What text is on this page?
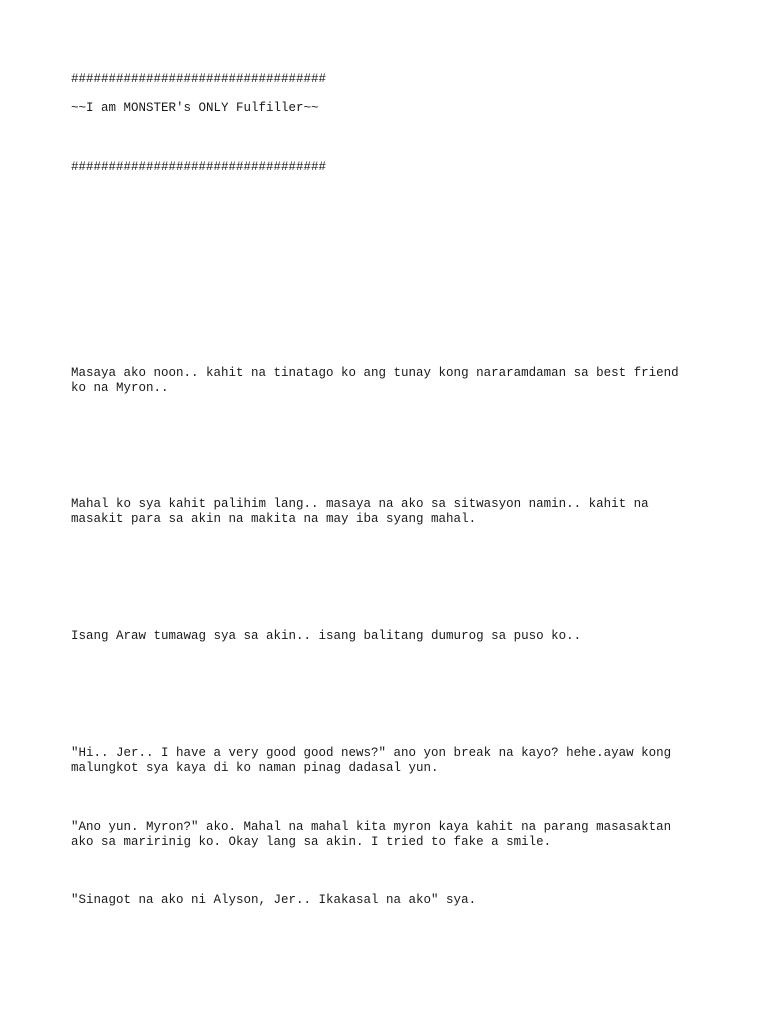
##################################

~~I am MONSTER's ONLY Fulfiller~~

##################################

Masaya ako noon.. kahit na tinatago ko ang tunay kong nararamdaman sa best friend ko na Myron..

Mahal ko sya kahit palihim lang.. masaya na ako sa sitwasyon namin.. kahit na masakit para sa akin na makita na may iba syang mahal.

Isang Araw tumawag sya sa akin.. isang balitang dumurog sa puso ko..

"Hi.. Jer.. I have a very good good news?" ano yon break na kayo? hehe.ayaw kong malungkot sya kaya di ko naman pinag dadasal yun.

"Ano yun. Myron?" ako. Mahal na mahal kita myron kaya kahit na parang masasaktan ako sa maririnig ko. Okay lang sa akin. I tried to fake a smile.

"Sinagot na ako ni Alyson, Jer.. Ikakasal na ako" sya.
